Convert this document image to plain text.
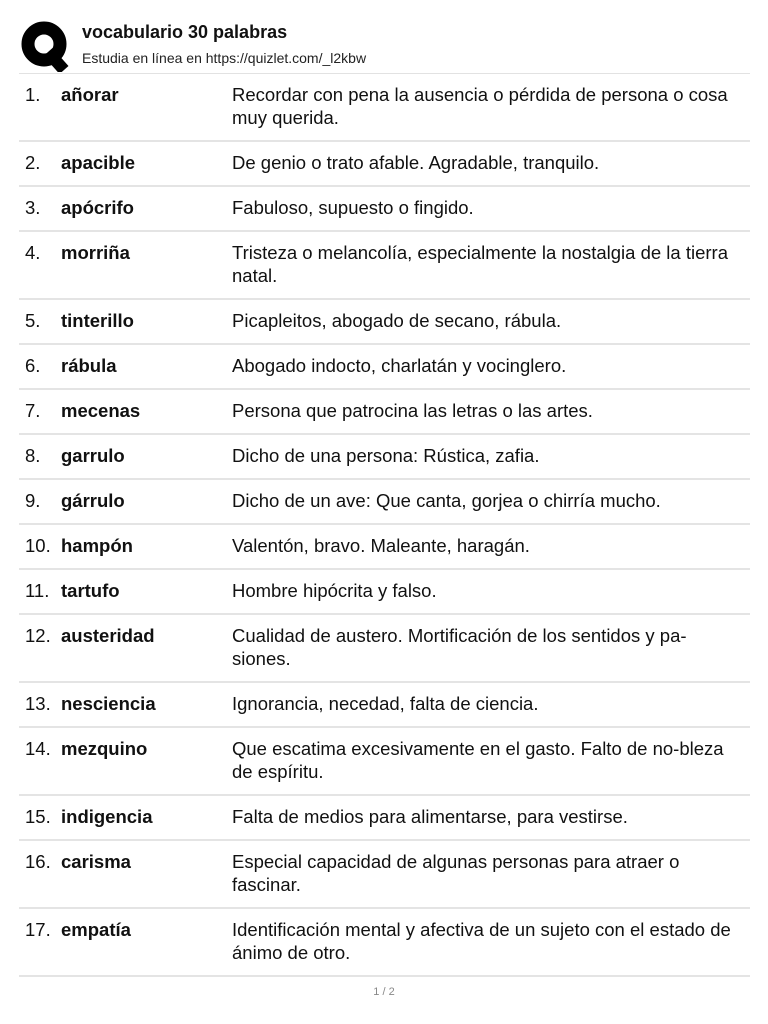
vocabulario 30 palabras
Estudia en línea en https://quizlet.com/_l2kbw
1.	añorar	Recordar con pena la ausencia o pérdida de persona o cosa muy querida.
2.	apacible	De genio o trato afable. Agradable, tranquilo.
3.	apócrifo	Fabuloso, supuesto o fingido.
4.	morriña	Tristeza o melancolía, especialmente la nostalgia de la tierra natal.
5.	tinterillo	Picapleitos, abogado de secano, rábula.
6.	rábula	Abogado indocto, charlatán y vocinglero.
7.	mecenas	Persona que patrocina las letras o las artes.
8.	garrulo	Dicho de una persona: Rústica, zafia.
9.	gárrulo	Dicho de un ave: Que canta, gorjea o chirría mucho.
10. hampón	Valentón, bravo. Maleante, haragán.
11. tartufo	Hombre hipócrita y falso.
12. austeridad	Cualidad de austero. Mortificación de los sentidos y pa-siones.
13. nesciencia	Ignorancia, necedad, falta de ciencia.
14. mezquino	Que escatima excesivamente en el gasto. Falto de no-bleza de espíritu.
15. indigencia	Falta de medios para alimentarse, para vestirse.
16. carisma	Especial capacidad de algunas personas para atraer o fascinar.
17. empatía	Identificación mental y afectiva de un sujeto con el estado de ánimo de otro.
1 / 2
